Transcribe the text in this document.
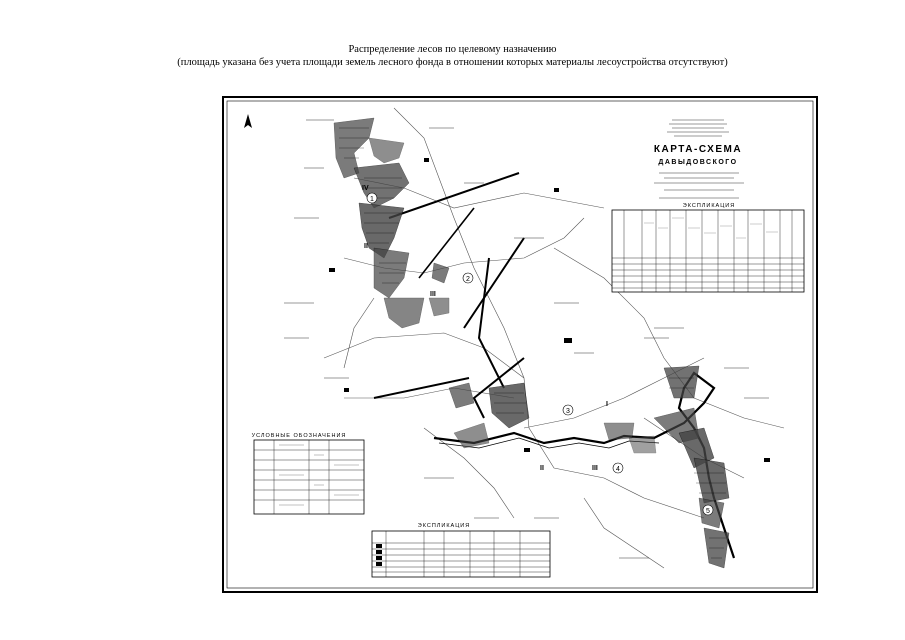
Распределение лесов по целевому назначению
(площадь указана без учета площади земель лесного фонда в отношении которых материалы лесоустройства отсутствуют)
IV
II
III
I
II	III
1
2
3
4
5
КАРТА-СХЕМА
ДАВЫДОВСКОГО
ЭКСПЛИКАЦИЯ
УСЛОВНЫЕ ОБОЗНАЧЕНИЯ
ЭКСПЛИКАЦИЯ
